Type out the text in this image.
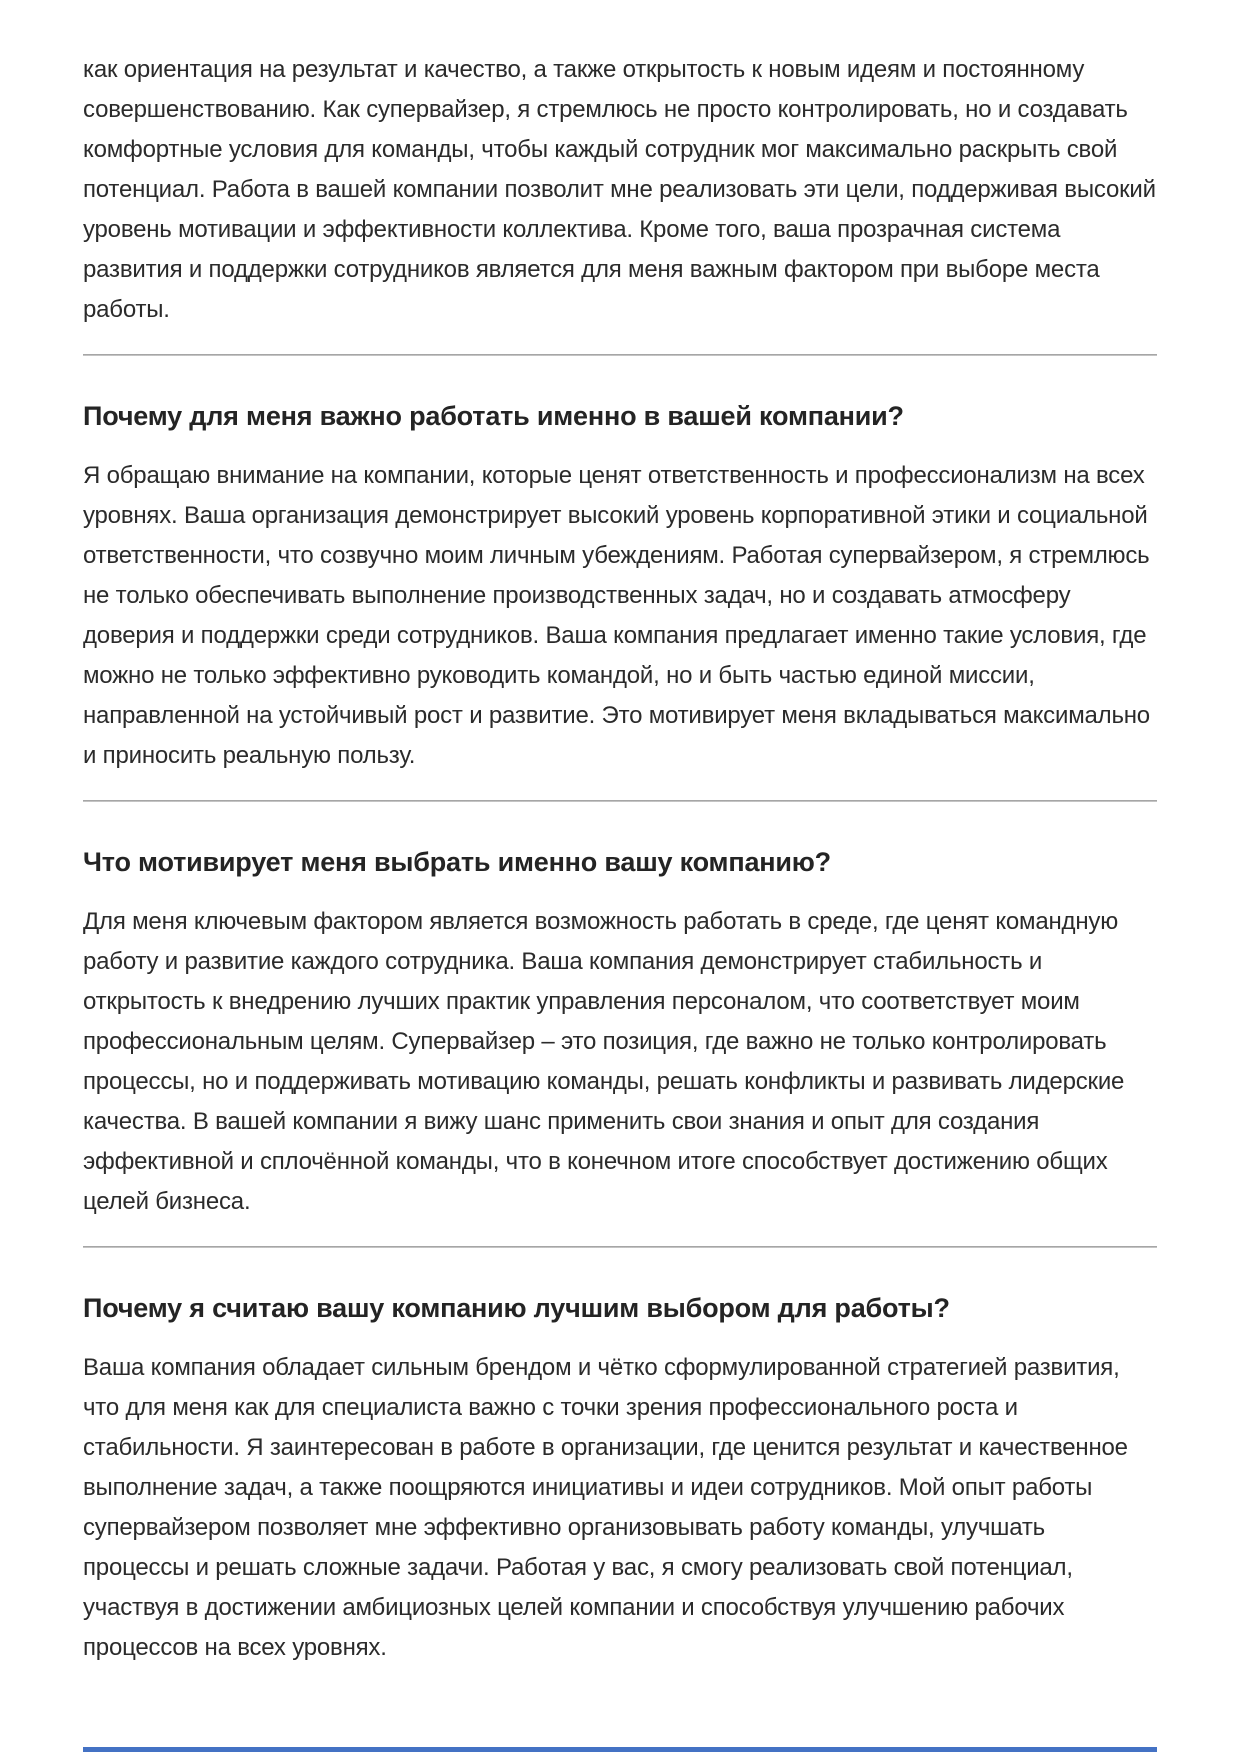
как ориентация на результат и качество, а также открытость к новым идеям и постоянному совершенствованию. Как супервайзер, я стремлюсь не просто контролировать, но и создавать комфортные условия для команды, чтобы каждый сотрудник мог максимально раскрыть свой потенциал. Работа в вашей компании позволит мне реализовать эти цели, поддерживая высокий уровень мотивации и эффективности коллектива. Кроме того, ваша прозрачная система развития и поддержки сотрудников является для меня важным фактором при выборе места работы.

Почему для меня важно работать именно в вашей компании?

Я обращаю внимание на компании, которые ценят ответственность и профессионализм на всех уровнях. Ваша организация демонстрирует высокий уровень корпоративной этики и социальной ответственности, что созвучно моим личным убеждениям. Работая супервайзером, я стремлюсь не только обеспечивать выполнение производственных задач, но и создавать атмосферу доверия и поддержки среди сотрудников. Ваша компания предлагает именно такие условия, где можно не только эффективно руководить командой, но и быть частью единой миссии, направленной на устойчивый рост и развитие. Это мотивирует меня вкладываться максимально и приносить реальную пользу.

Что мотивирует меня выбрать именно вашу компанию?

Для меня ключевым фактором является возможность работать в среде, где ценят командную работу и развитие каждого сотрудника. Ваша компания демонстрирует стабильность и открытость к внедрению лучших практик управления персоналом, что соответствует моим профессиональным целям. Супервайзер – это позиция, где важно не только контролировать процессы, но и поддерживать мотивацию команды, решать конфликты и развивать лидерские качества. В вашей компании я вижу шанс применить свои знания и опыт для создания эффективной и сплочённой команды, что в конечном итоге способствует достижению общих целей бизнеса.

Почему я считаю вашу компанию лучшим выбором для работы?

Ваша компания обладает сильным брендом и чётко сформулированной стратегией развития, что для меня как для специалиста важно с точки зрения профессионального роста и стабильности. Я заинтересован в работе в организации, где ценится результат и качественное выполнение задач, а также поощряются инициативы и идеи сотрудников. Мой опыт работы супервайзером позволяет мне эффективно организовывать работу команды, улучшать процессы и решать сложные задачи. Работая у вас, я смогу реализовать свой потенциал, участвуя в достижении амбициозных целей компании и способствуя улучшению рабочих процессов на всех уровнях.
